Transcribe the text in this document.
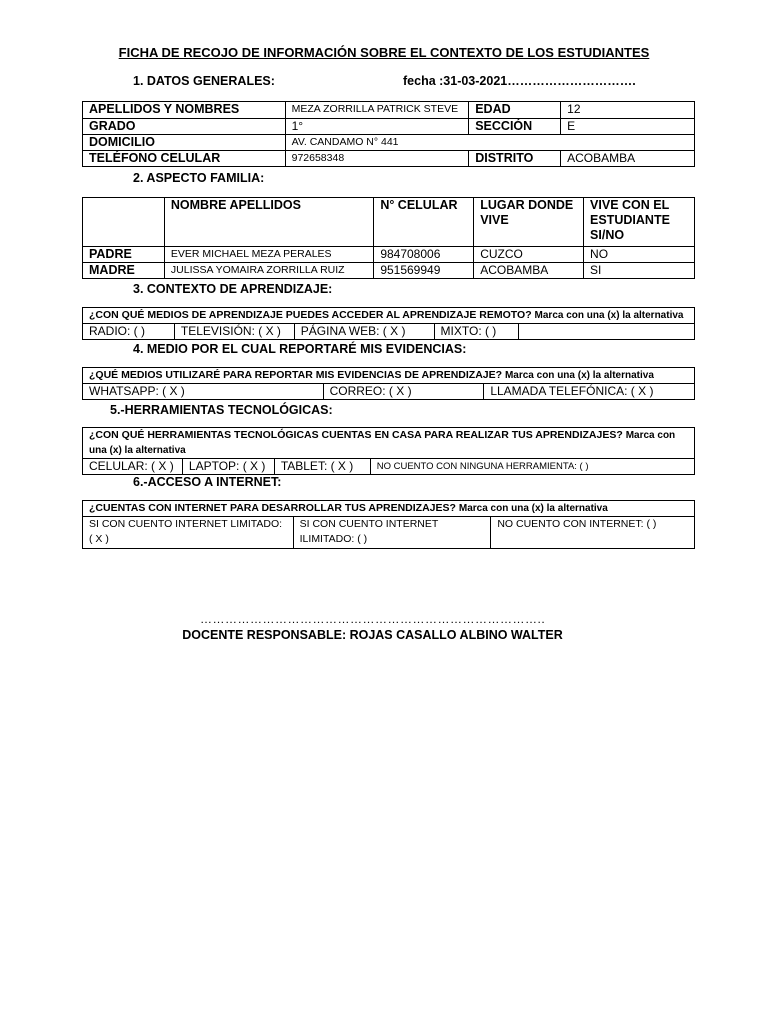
FICHA DE RECOJO DE INFORMACIÓN SOBRE EL CONTEXTO DE LOS ESTUDIANTES
1. DATOS GENERALES:	fecha :31-03-2021………………………….
APELLIDOS Y NOMBRES	MEZA ZORRILLA PATRICK STEVE	EDAD	12
GRADO	1°	SECCIÓN	E
DOMICILIO	AV. CANDAMO N° 441		
TELÉFONO CELULAR	972658348	DISTRITO	ACOBAMBA
2. ASPECTO FAMILIA:
	NOMBRE APELLIDOS	N° CELULAR	LUGAR DONDE VIVE	VIVE CON EL ESTUDIANTE SI/NO
PADRE	EVER MICHAEL MEZA PERALES	984708006	CUZCO	NO
MADRE	JULISSA YOMAIRA ZORRILLA RUIZ	951569949	ACOBAMBA	SI
3. CONTEXTO DE APRENDIZAJE:
¿CON QUÉ MEDIOS DE APRENDIZAJE PUEDES ACCEDER AL APRENDIZAJE REMOTO? Marca con una (x) la alternativa
RADIO: ( )	TELEVISIÓN: ( X )	PÁGINA WEB: ( X )	MIXTO: ( )	
4. MEDIO POR EL CUAL REPORTARÉ MIS EVIDENCIAS:
¿QUÉ MEDIOS UTILIZARÉ PARA REPORTAR MIS EVIDENCIAS DE APRENDIZAJE? Marca con una (x) la alternativa
WHATSAPP: ( X )	CORREO: ( X )	LLAMADA TELEFÓNICA: ( X )
5.-HERRAMIENTAS TECNOLÓGICAS:
¿CON QUÉ HERRAMIENTAS TECNOLÓGICAS CUENTAS EN CASA PARA REALIZAR TUS APRENDIZAJES? Marca con una (x) la alternativa
CELULAR: ( X )	LAPTOP: ( X )	TABLET: ( X )	NO CUENTO CON NINGUNA HERRAMIENTA: ( )
6.-ACCESO A INTERNET:
¿CUENTAS CON INTERNET PARA DESARROLLAR TUS APRENDIZAJES? Marca con una (x) la alternativa
SI CON CUENTO INTERNET LIMITADO: ( X )	SI CON CUENTO INTERNET ILIMITADO: ( )	NO CUENTO CON INTERNET: ( )
………………………………………………………………………..
DOCENTE RESPONSABLE: ROJAS CASALLO ALBINO WALTER
